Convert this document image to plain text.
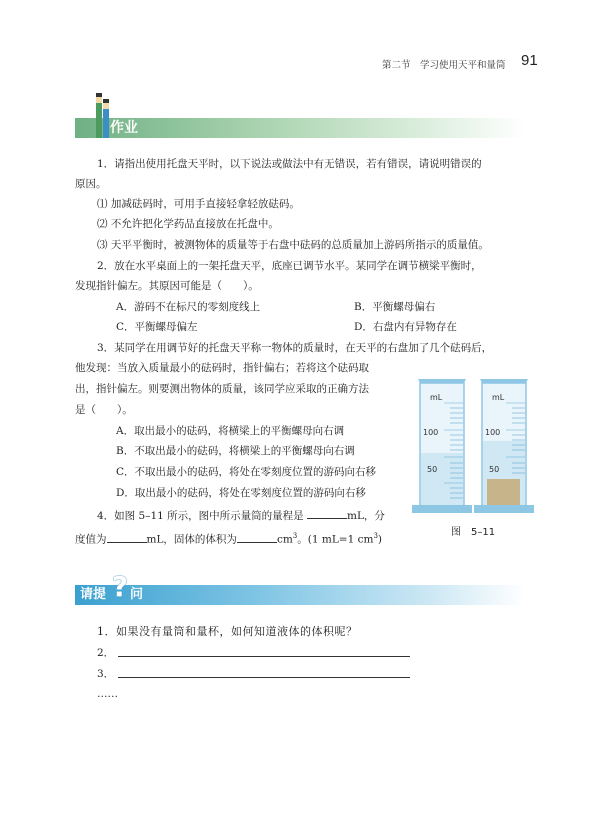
第二节　学习使用天平和量筒 91
作业
1．请指出使用托盘天平时，以下说法或做法中有无错误，若有错误，请说明错误的
原因。
⑴ 加减砝码时，可用手直接轻拿轻放砝码。
⑵ 不允许把化学药品直接放在托盘中。
⑶ 天平平衡时，被测物体的质量等于右盘中砝码的总质量加上游码所指示的质量值。
2．放在水平桌面上的一架托盘天平，底座已调节水平。某同学在调节横梁平衡时，
发现指针偏左。其原因可能是（　　）。
A．游码不在标尺的零刻度线上	B．平衡螺母偏右
C．平衡螺母偏左	D．右盘内有异物存在
3．某同学在用调节好的托盘天平称一物体的质量时，在天平的右盘加了几个砝码后，
他发现：当放入质量最小的砝码时，指针偏右；若将这个砝码取
出，指针偏左。则要测出物体的质量，该同学应采取的正确方法
是（　　）。
A．取出最小的砝码，将横梁上的平衡螺母向右调
B．不取出最小的砝码，将横梁上的平衡螺母向右调
C．不取出最小的砝码，将处在零刻度位置的游码向右移
D．取出最小的砝码，将处在零刻度位置的游码向右移
4．如图 5–11 所示，图中所示量筒的量程是	mL，分
度值为	mL，固体的体积为	$cm^3$。(1 mL=1 $cm^3$)
mL
100
50
mL
100
50
图　5–11
请提 ? 问
1．如果没有量筒和量杯，如何知道液体的体积呢？
2．
3．
……
